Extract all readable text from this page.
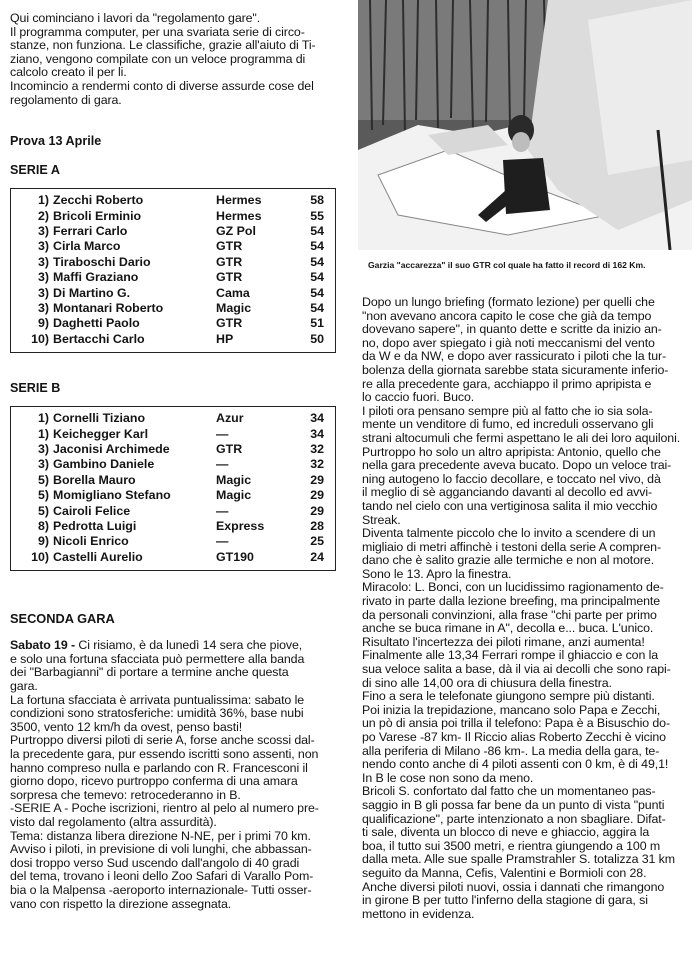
Qui cominciano i lavori da "regolamento gare".

Il programma computer, per una svariata serie di circo-

stanze, non funziona. Le classifiche, grazie all'aiuto di Ti-

ziano, vengono compilate con un veloce programma di

calcolo creato il per li.

Incomincio a rendermi conto di diverse assurde cose del

regolamento di gara.

Prova 13 Aprile
SERIE A
1) Zecchi Roberto	Hermes	58
2) Bricoli Erminio	Hermes	55
3) Ferrari Carlo	GZ Pol	54
3) Cirla Marco	GTR	54
3) Tiraboschi Dario	GTR	54
3) Maffi Graziano	GTR	54
3) Di Martino G.	Cama	54
3) Montanari Roberto	Magic	54
9) Daghetti Paolo	GTR	51
10) Bertacchi Carlo	HP	50
SERIE B
1) Cornelli Tiziano	Azur	34
1) Keichegger Karl	—	34
3) Jaconisi Archimede	GTR	32
3) Gambino Daniele	—	32
5) Borella Mauro	Magic	29
5) Momigliano Stefano	Magic	29
5) Cairoli Felice	—	29
8) Pedrotta Luigi	Express	28
9) Nicoli Enrico	—	25
10) Castelli Aurelio	GT190	24
SECONDA GARA

Sabato 19 - Ci risiamo, è da lunedì 14 sera che piove,

e solo una fortuna sfacciata può permettere alla banda

dei "Barbagianni" di portare a termine anche questa

gara.

La fortuna sfacciata è arrivata puntualissima: sabato le

condizioni sono stratosferiche: umidità 36%, base nubi

3500, vento 12 km/h da ovest, penso basti!

Purtroppo diversi piloti di serie A, forse anche scossi dal-

la precedente gara, pur essendo iscritti sono assenti, non

hanno compreso nulla e parlando con R. Francesconi il

giorno dopo, ricevo purtroppo conferma di una amara

sorpresa che temevo: retrocederanno in B.

-SERIE A - Poche iscrizioni, rientro al pelo al numero pre-

visto dal regolamento (altra assurdità).

Tema: distanza libera direzione N-NE, per i primi 70 km.

Avviso i piloti, in previsione di voli lunghi, che abbassan-

dosi troppo verso Sud uscendo dall'angolo di 40 gradi

del tema, trovano i leoni dello Zoo Safari di Varallo Pom-

bia o la Malpensa -aeroporto internazionale- Tutti osser-

vano con rispetto la direzione assegnata.

Garzia "accarezza" il suo GTR col quale ha fatto il record di 162 Km.

Dopo un lungo briefing (formato lezione) per quelli che

"non avevano ancora capito le cose che già da tempo

dovevano sapere", in quanto dette e scritte da inizio an-

no, dopo aver spiegato i già noti meccanismi del vento

da W e da NW, e dopo aver rassicurato i piloti che la tur-

bolenza della giornata sarebbe stata sicuramente inferio-

re alla precedente gara, acchiappo il primo apripista e

lo caccio fuori. Buco.

I piloti ora pensano sempre più al fatto che io sia sola-

mente un venditore di fumo, ed increduli osservano gli

strani altocumuli che fermi aspettano le ali dei loro aquiloni.

Purtroppo ho solo un altro apripista: Antonio, quello che

nella gara precedente aveva bucato. Dopo un veloce trai-

ning autogeno lo faccio decollare, e toccato nel vivo, dà

il meglio di sè agganciando davanti al decollo ed avvi-

tando nel cielo con una vertiginosa salita il mio vecchio

Streak.

Diventa talmente piccolo che lo invito a scendere di un

migliaio di metri affinchè i testoni della serie A compren-

dano che è salito grazie alle termiche e non al motore.

Sono le 13. Apro la finestra.

Miracolo: L. Bonci, con un lucidissimo ragionamento de-

rivato in parte dalla lezione breefing, ma principalmente

da personali convinzioni, alla frase "chi parte per primo

anche se buca rimane in A", decolla e... buca. L'unico.

Risultato l'incertezza dei piloti rimane, anzi aumenta!

Finalmente alle 13,34 Ferrari rompe il ghiaccio e con la

sua veloce salita a base, dà il via ai decolli che sono rapi-

di sino alle 14,00 ora di chiusura della finestra.

Fino a sera le telefonate giungono sempre più distanti.

Poi inizia la trepidazione, mancano solo Papa e Zecchi,

un pò di ansia poi trilla il telefono: Papa è a Bisuschio do-

po Varese -87 km- Il Riccio alias Roberto Zecchi è vicino

alla periferia di Milano -86 km-. La media della gara, te-

nendo conto anche di 4 piloti assenti con 0 km, è di 49,1!

In B le cose non sono da meno.

Bricoli S. confortato dal fatto che un momentaneo pas-

saggio in B gli possa far bene da un punto di vista "punti

qualificazione", parte intenzionato a non sbagliare. Difat-

ti sale, diventa un blocco di neve e ghiaccio, aggira la

boa, il tutto sui 3500 metri, e rientra giungendo a 100 m

dalla meta. Alle sue spalle Pramstrahler S. totalizza 31 km

seguito da Manna, Cefis, Valentini e Bormioli con 28.

Anche diversi piloti nuovi, ossia i dannati che rimangono

in girone B per tutto l'inferno della stagione di gara, si

mettono in evidenza.
